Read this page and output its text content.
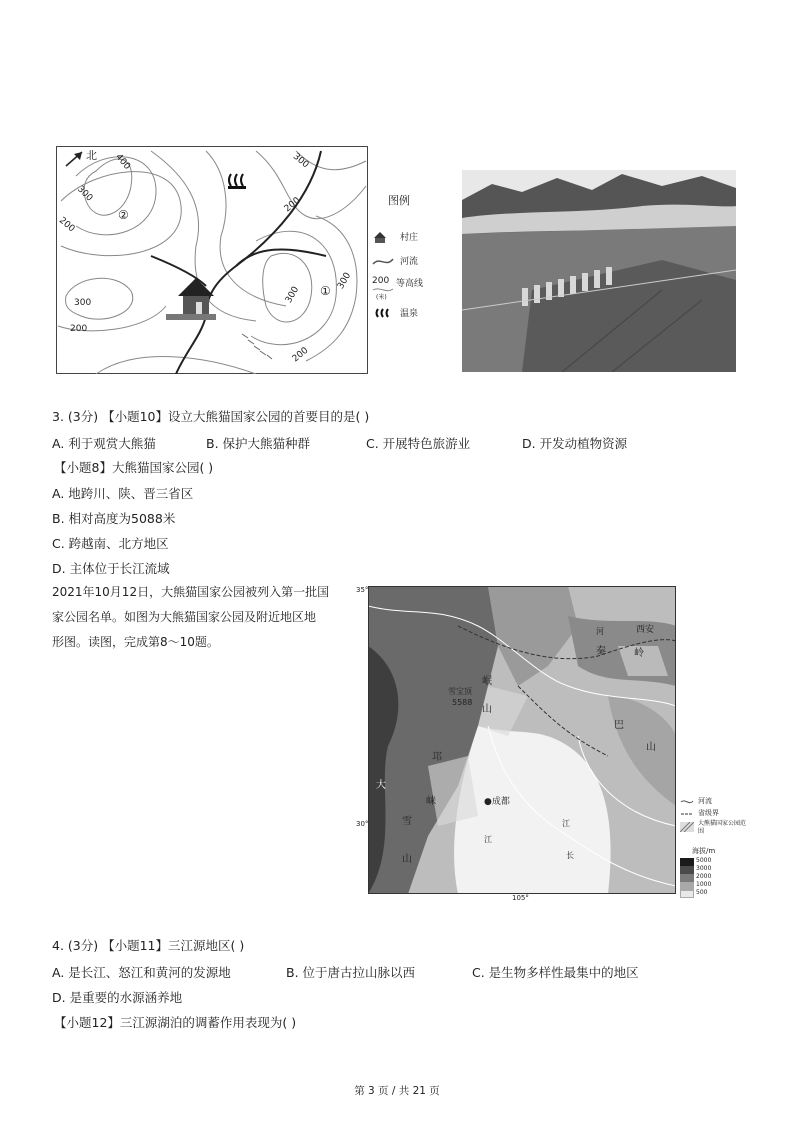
北 400
300
200
300
200
300
200
300
300
200
②
①
图例
村庄
河流
200 等高线
(米)
温泉
3. (3分) 【小题10】设立大熊猫国家公园的首要目的是( )
A. 利于观赏大熊猫	B. 保护大熊猫种群	C. 开展特色旅游业	D. 开发动植物资源
【小题8】大熊猫国家公园( )
A. 地跨川、陕、晋三省区
B. 相对高度为5088米
C. 跨越南、北方地区
D. 主体位于长江流域
2021年10月12日，大熊猫国家公园被列入第一批国
家公园名单。如图为大熊猫国家公园及附近地区地
形图。读图，完成第8～10题。
西安
秦	岭
岷
山
雪宝顶
5588
邛
崃
大
雪
山
●成都
巴
山
江
长
江
河
35°
30°
105°
河流
省级界
大熊猫国家公园范围
海拔/m
5000
3000
2000
1000
500
4. (3分) 【小题11】三江源地区( )
A. 是长江、怒江和黄河的发源地	B. 位于唐古拉山脉以西	C. 是生物多样性最集中的地区
D. 是重要的水源涵养地
【小题12】三江源湖泊的调蓄作用表现为( )
第 3 页 / 共 21 页
